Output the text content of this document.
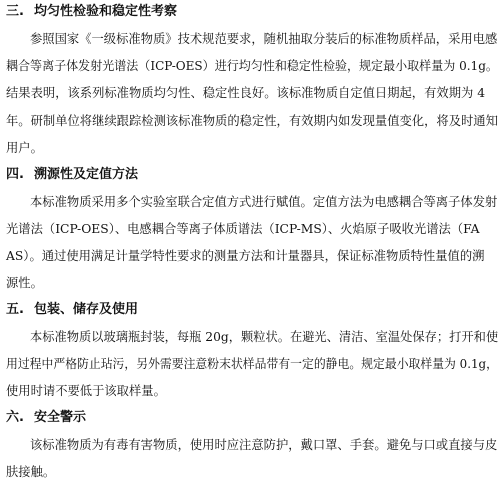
三. 均匀性检验和稳定性考察
参照国家《一级标准物质》技术规范要求，随机抽取分装后的标准物质样品，采用电感
耦合等离子体发射光谱法（ICP-OES）进行均匀性和稳定性检验，规定最小取样量为 0.1g。
结果表明，该系列标准物质均匀性、稳定性良好。该标准物质自定值日期起，有效期为 4
年。研制单位将继续跟踪检测该标准物质的稳定性，有效期内如发现量值变化，将及时通知
用户。
四. 溯源性及定值方法
本标准物质采用多个实验室联合定值方式进行赋值。定值方法为电感耦合等离子体发射
光谱法（ICP-OES）、电感耦合等离子体质谱法（ICP-MS）、火焰原子吸收光谱法（FA
AS）。通过使用满足计量学特性要求的测量方法和计量器具，保证标准物质特性量值的溯
源性。
五. 包装、储存及使用
本标准物质以玻璃瓶封装，每瓶 20g，颗粒状。在避光、清洁、室温处保存；打开和使
用过程中严格防止玷污，另外需要注意粉末状样品带有一定的静电。规定最小取样量为 0.1g，
使用时请不要低于该取样量。
六. 安全警示
该标准物质为有毒有害物质，使用时应注意防护，戴口罩、手套。避免与口或直接与皮
肤接触。
